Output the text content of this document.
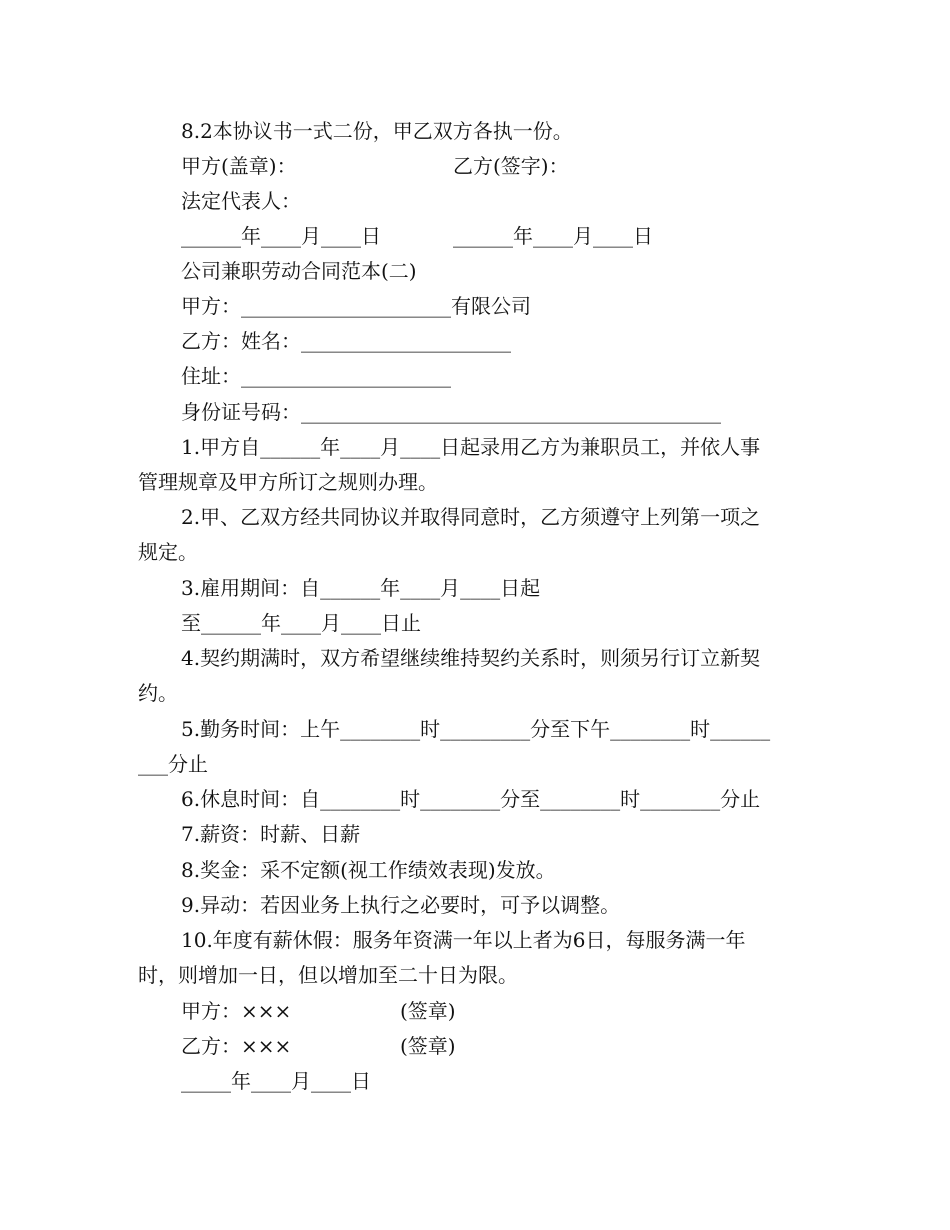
8.2本协议书一式二份，甲乙双方各执一份。

甲方(盖章)：	乙方(签字)：

法定代表人：

______年____月____日	______年____月____日

公司兼职劳动合同范本(二)

甲方：_____________________有限公司

乙方：姓名：_____________________

住址：_____________________

身份证号码：__________________________________________

1.甲方自______年____月____日起录用乙方为兼职员工，并依人事

管理规章及甲方所订之规则办理。

2.甲、乙双方经共同协议并取得同意时，乙方须遵守上列第一项之

规定。

3.雇用期间：自______年____月____日起

至______年____月____日止

4.契约期满时，双方希望继续维持契约关系时，则须另行订立新契

约。

5.勤务时间：上午________时_________分至下午________时______

___分止

6.休息时间：自________时________分至________时________分止

7.薪资：时薪、日薪

8.奖金：采不定额(视工作绩效表现)发放。

9.异动：若因业务上执行之必要时，可予以调整。

10.年度有薪休假：服务年资满一年以上者为6日，每服务满一年

时，则增加一日，但以增加至二十日为限。

甲方：×××	(签章)

乙方：×××	(签章)

_____年____月____日
